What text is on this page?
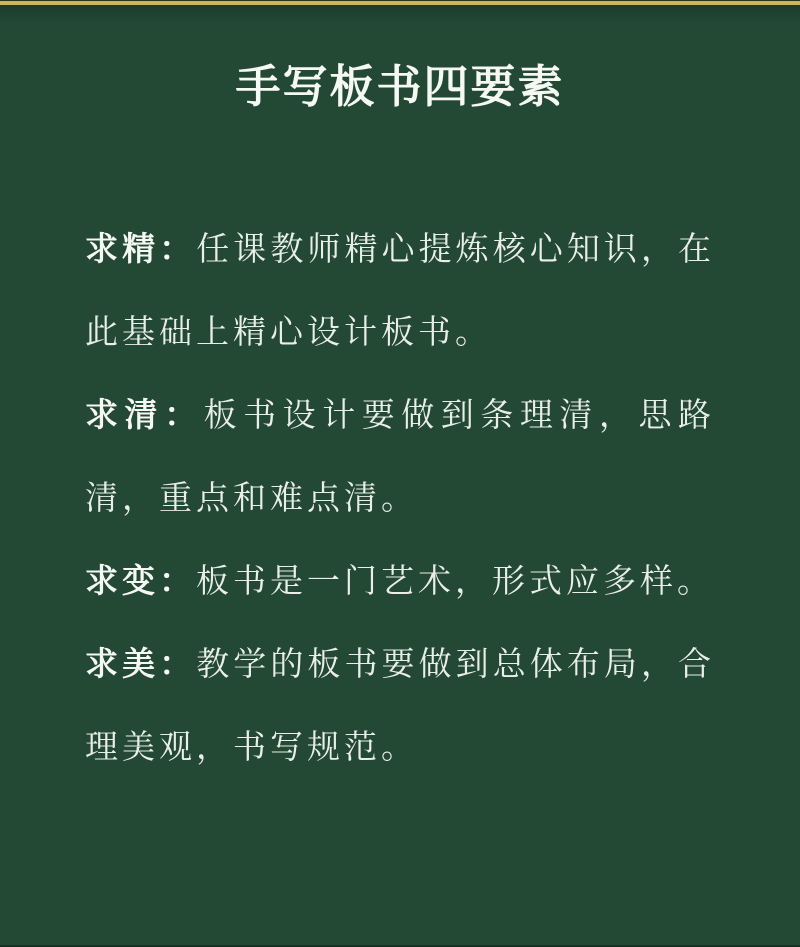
手写板书四要素
求精：任课教师精心提炼核心知识，在
此基础上精心设计板书。
求清：板书设计要做到条理清，思路
清，重点和难点清。
求变：板书是一门艺术，形式应多样。
求美：教学的板书要做到总体布局，合
理美观，书写规范。
